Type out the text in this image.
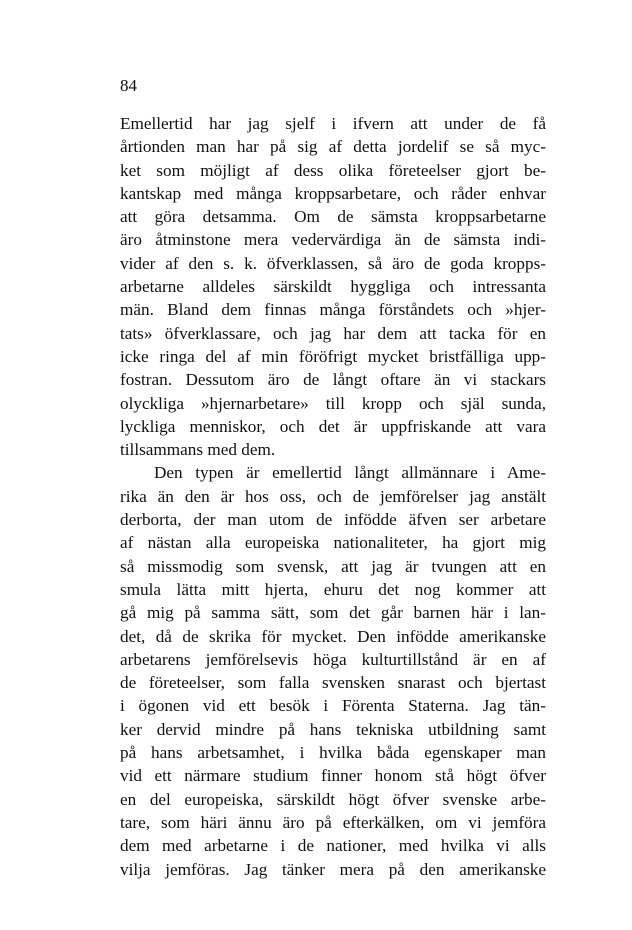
84
Emellertid har jag sjelf i ifvern att under de få
årtionden man har på sig af detta jordelif se så myc-
ket som möjligt af dess olika företeelser gjort be-
kantskap med många kroppsarbetare, och råder enhvar
att göra detsamma. Om de sämsta kroppsarbetarne
äro åtminstone mera vedervärdiga än de sämsta indi-
vider af den s. k. öfverklassen, så äro de goda kropps-
arbetarne alldeles särskildt hyggliga och intressanta
män. Bland dem finnas många förståndets och »hjer-
tats» öfverklassare, och jag har dem att tacka för en
icke ringa del af min föröfrigt mycket bristfälliga upp-
fostran. Dessutom äro de långt oftare än vi stackars
olyckliga »hjernarbetare» till kropp och själ sunda,
lyckliga menniskor, och det är uppfriskande att vara
tillsammans med dem.
Den typen är emellertid långt allmännare i Ame-
rika än den är hos oss, och de jemförelser jag anstält
derborta, der man utom de infödde äfven ser arbetare
af nästan alla europeiska nationaliteter, ha gjort mig
så missmodig som svensk, att jag är tvungen att en
smula lätta mitt hjerta, ehuru det nog kommer att
gå mig på samma sätt, som det går barnen här i lan-
det, då de skrika för mycket. Den infödde amerikanske
arbetarens jemförelsevis höga kulturtillstånd är en af
de företeelser, som falla svensken snarast och bjertast
i ögonen vid ett besök i Förenta Staterna. Jag tän-
ker dervid mindre på hans tekniska utbildning samt
på hans arbetsamhet, i hvilka båda egenskaper man
vid ett närmare studium finner honom stå högt öfver
en del europeiska, särskildt högt öfver svenske arbe-
tare, som häri ännu äro på efterkälken, om vi jemföra
dem med arbetarne i de nationer, med hvilka vi alls
vilja jemföras. Jag tänker mera på den amerikanske
